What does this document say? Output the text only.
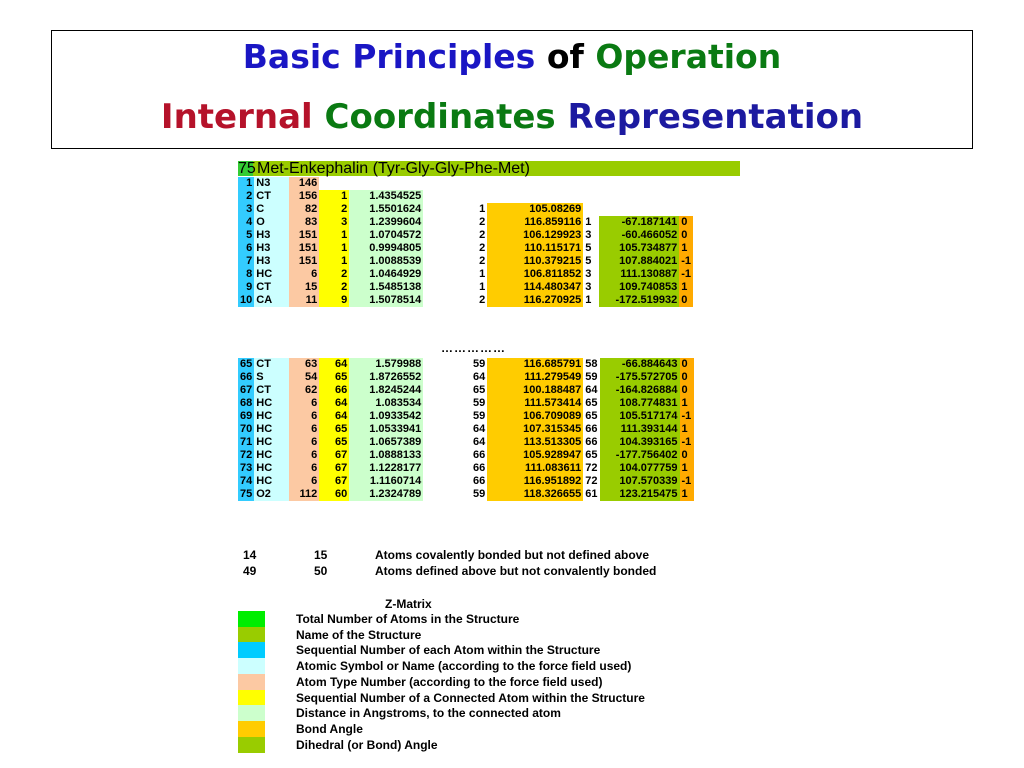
Basic Principles of Operation
Internal Coordinates Representation
75 Met-Enkephalin (Tyr-Gly-Gly-Phe-Met)
1	N3	146							
2	CT	156	1	1.4354525					
3	C	82	2	1.5501624	1	105.08269			
4	O	83	3	1.2399604	2	116.859116	1	-67.187141	0
5	H3	151	1	1.0704572	2	106.129923	3	-60.466052	0
6	H3	151	1	0.9994805	2	110.115171	5	105.734877	1
7	H3	151	1	1.0088539	2	110.379215	5	107.884021	-1
8	HC	6	2	1.0464929	1	106.811852	3	111.130887	-1
9	CT	15	2	1.5485138	1	114.480347	3	109.740853	1
10	CA	11	9	1.5078514	2	116.270925	1	-172.519932	0
……………
65	CT	63	64	1.579988	59	116.685791	58	-66.884643	0
66	S	54	65	1.8726552	64	111.279549	59	-175.572705	0
67	CT	62	66	1.8245244	65	100.188487	64	-164.826884	0
68	HC	6	64	1.083534	59	111.573414	65	108.774831	1
69	HC	6	64	1.0933542	59	106.709089	65	105.517174	-1
70	HC	6	65	1.0533941	64	107.315345	66	111.393144	1
71	HC	6	65	1.0657389	64	113.513305	66	104.393165	-1
72	HC	6	67	1.0888133	66	105.928947	65	-177.756402	0
73	HC	6	67	1.1228177	66	111.083611	72	104.077759	1
74	HC	6	67	1.1160714	66	116.951892	72	107.570339	-1
75	O2	112	60	1.2324789	59	118.326655	61	123.215475	1
14	15	Atoms covalently bonded but not defined above
49	50	Atoms defined above but not convalently bonded
Z-Matrix
Total Number of Atoms in the Structure
Name of the Structure
Sequential Number of each Atom within the Structure
Atomic Symbol or Name (according to the force field used)
Atom Type Number (according to the force field used)
Sequential Number of a Connected Atom within the Structure
Distance in Angstroms, to the connected atom
Bond Angle
Dihedral (or Bond) Angle
